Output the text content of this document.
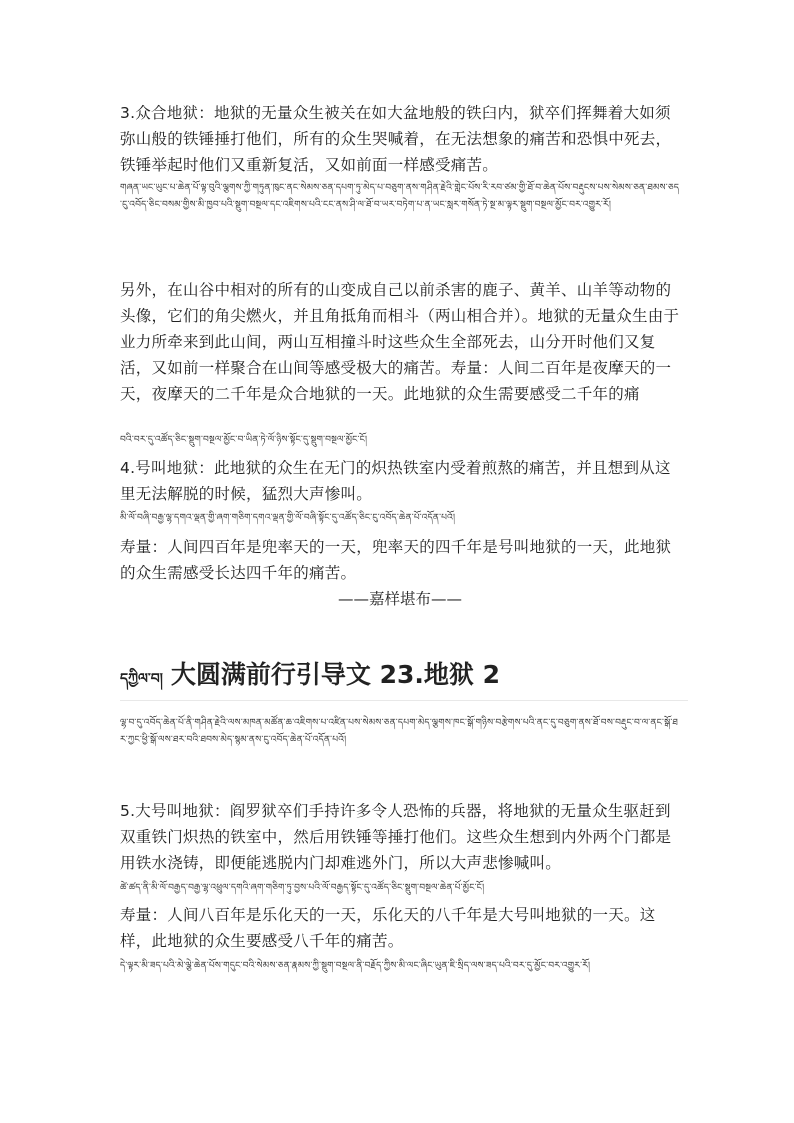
3.众合地狱：地狱的无量众生被关在如大盆地般的铁臼内，狱卒们挥舞着大如须弥山般的铁锤捶打他们，所有的众生哭喊着，在无法想象的痛苦和恐惧中死去，铁锤举起时他们又重新复活，又如前面一样感受痛苦。

གཞན་ཡང་ཡུང་པ་ཆེན་པོ་ལྟ་བུའི་ལྕགས་ཀྱི་གཏུན་ཁུང་ནང་སེམས་ཅན་དཔག་ཏུ་མེད་པ་བཅུག་ནས་གཤིན་རྗེའི་གླེང་པོས་རི་རབ་ཙམ་གྱི་ཐོ་བ་ཆེན་པོས་བརྡུངས་པས་སེམས་ཅན་ཐམས་ཅད་ངུ་འབོད་ཅིང་བསམ་གྱིས་མི་ཁྱབ་པའི་སྡུག་བསྔལ་དང་འཇིགས་པའི་ངང་ནས་ཤི་ལ་ཐོ་བ་ཡར་བཏེག་པ་ན་ཡང་སླར་གསོན་ཏེ་སྔ་མ་ལྟར་སྡུག་བསྔལ་མྱོང་བར་འགྱུར་རོ།

另外，在山谷中相对的所有的山变成自己以前杀害的鹿子、黄羊、山羊等动物的头像，它们的角尖燃火，并且角抵角而相斗（两山相合并）。地狱的无量众生由于业力所牵来到此山间，两山互相撞斗时这些众生全部死去，山分开时他们又复活，又如前一样聚合在山间等感受极大的痛苦。寿量：人间二百年是夜摩天的一天，夜摩天的二千年是众合地狱的一天。此地狱的众生需要感受二千年的痛

བའི་བར་དུ་འཚོད་ཅིང་སྡུག་བསྔལ་མྱོང་བ་ཡིན་ཏེ་ལོ་ཉིས་སྟོང་དུ་སྡུག་བསྔལ་མྱོང་ངོ།

4.号叫地狱：此地狱的众生在无门的炽热铁室内受着煎熬的痛苦，并且想到从这里无法解脱的时候，猛烈大声惨叫。

མི་ལོ་བཞི་བརྒྱ་ལྷ་དགའ་ལྡན་གྱི་ཞག་གཅིག་དགའ་ལྡན་གྱི་ལོ་བཞི་སྟོང་དུ་འཚོད་ཅིང་ངུ་འབོད་ཆེན་པོ་འདོན་པའོ།

寿量：人间四百年是兜率天的一天，兜率天的四千年是号叫地狱的一天，此地狱的众生需感受长达四千年的痛苦。

——嘉样堪布——

དཀྱིལ་བ། 大圆满前行引导文 23.地狱 2

ལྷ་བ་དུ་འབོད་ཆེན་པོ་ནི་གཤིན་རྗེའི་ལས་མཁན་མཚོན་ཆ་འཇིགས་པ་འཛིན་པས་སེམས་ཅན་དཔག་མེད་ལྕགས་ཁང་སྒོ་གཉིས་བརྩེགས་པའི་ནང་དུ་བཅུག་ནས་ཐོ་བས་བརྡུང་བ་ལ་ནང་སྒོ་ཐར་ཀྱང་ཕྱི་སྒོ་ལས་ཐར་བའི་ཐབས་མེད་སྙམ་ནས་ངུ་འབོད་ཆེན་པོ་འདོན་པའོ།

5.大号叫地狱：阎罗狱卒们手持许多令人恐怖的兵器，将地狱的无量众生驱赶到双重铁门炽热的铁室中，然后用铁锤等捶打他们。这些众生想到内外两个门都是用铁水浇铸，即便能逃脱内门却难逃外门，所以大声悲惨喊叫。

ཚེ་ཚད་ནི་མི་ལོ་བརྒྱད་བརྒྱ་ལྷ་འཕྲུལ་དགའི་ཞག་གཅིག་ཏུ་བྱས་པའི་ལོ་བརྒྱད་སྟོང་དུ་འཚོད་ཅིང་སྡུག་བསྔལ་ཆེན་པོ་མྱོང་ངོ།

寿量：人间八百年是乐化天的一天，乐化天的八千年是大号叫地狱的一天。这样，此地狱的众生要感受八千年的痛苦。

དེ་ལྟར་མི་ཟད་པའི་མེ་ལྕེ་ཆེན་པོས་གདུང་བའི་སེམས་ཅན་རྣམས་ཀྱི་སྡུག་བསྔལ་ནི་བརྗོད་ཀྱིས་མི་ལང་ཞིང་ཡུན་ཇི་སྲིད་ལས་ཟད་པའི་བར་དུ་མྱོང་བར་འགྱུར་རོ།
